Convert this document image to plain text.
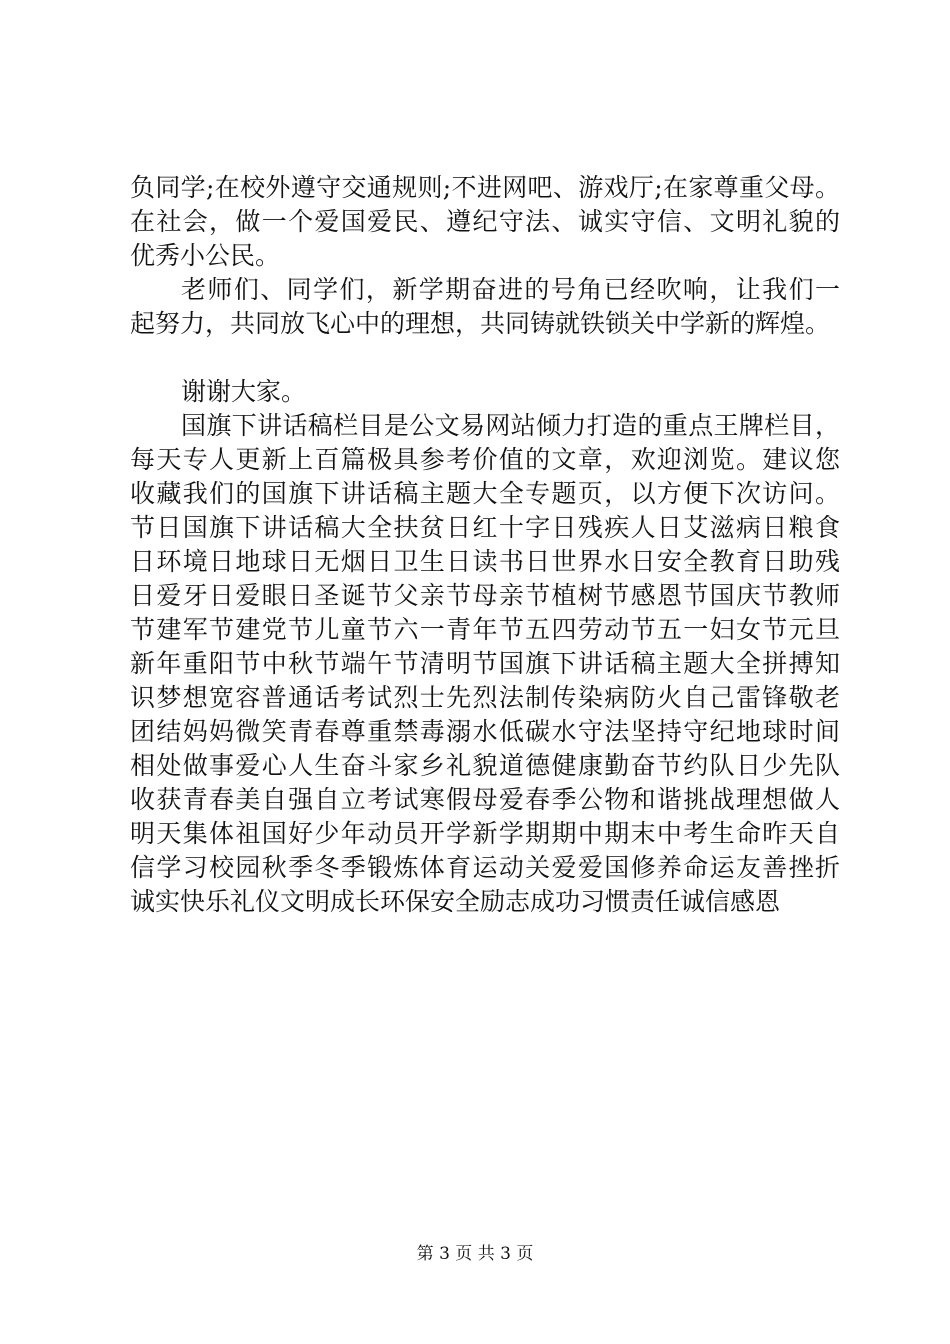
负同学;在校外遵守交通规则;不进网吧、游戏厅;在家尊重父母。
在社会，做一个爱国爱民、遵纪守法、诚实守信、文明礼貌的
优秀小公民。
老师们、同学们，新学期奋进的号角已经吹响，让我们一
起努力，共同放飞心中的理想，共同铸就铁锁关中学新的辉煌。
谢谢大家。
国旗下讲话稿栏目是公文易网站倾力打造的重点王牌栏目，
每天专人更新上百篇极具参考价值的文章，欢迎浏览。建议您
收藏我们的国旗下讲话稿主题大全专题页，以方便下次访问。
节日国旗下讲话稿大全扶贫日红十字日残疾人日艾滋病日粮食
日环境日地球日无烟日卫生日读书日世界水日安全教育日助残
日爱牙日爱眼日圣诞节父亲节母亲节植树节感恩节国庆节教师
节建军节建党节儿童节六一青年节五四劳动节五一妇女节元旦
新年重阳节中秋节端午节清明节国旗下讲话稿主题大全拼搏知
识梦想宽容普通话考试烈士先烈法制传染病防火自己雷锋敬老
团结妈妈微笑青春尊重禁毒溺水低碳水守法坚持守纪地球时间
相处做事爱心人生奋斗家乡礼貌道德健康勤奋节约队日少先队
收获青春美自强自立考试寒假母爱春季公物和谐挑战理想做人
明天集体祖国好少年动员开学新学期期中期末中考生命昨天自
信学习校园秋季冬季锻炼体育运动关爱爱国修养命运友善挫折
诚实快乐礼仪文明成长环保安全励志成功习惯责任诚信感恩
第 3 页 共 3 页
